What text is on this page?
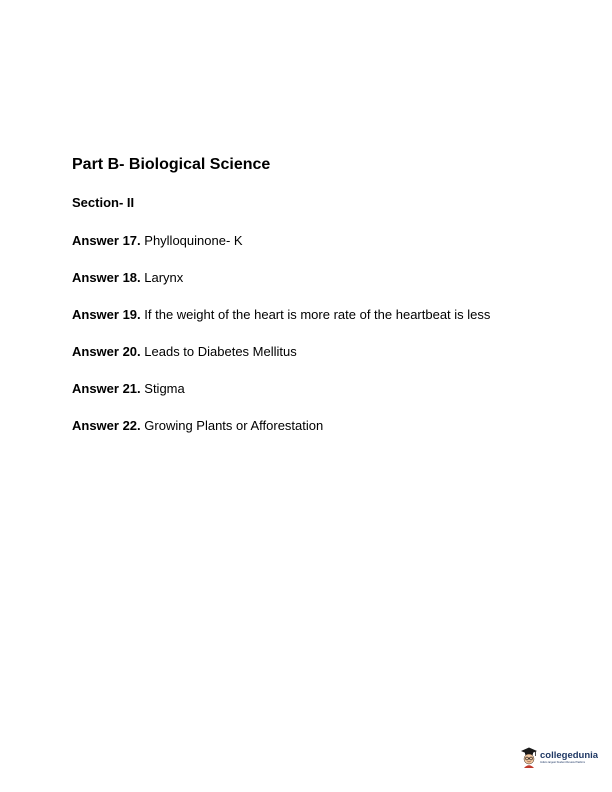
Part B- Biological Science
Section- II
Answer 17. Phylloquinone- K
Answer 18. Larynx
Answer 19. If the weight of the heart is more rate of the heartbeat is less
Answer 20. Leads to Diabetes Mellitus
Answer 21. Stigma
Answer 22. Growing Plants or Afforestation
collegedunia
India's largest Student Review Platform
